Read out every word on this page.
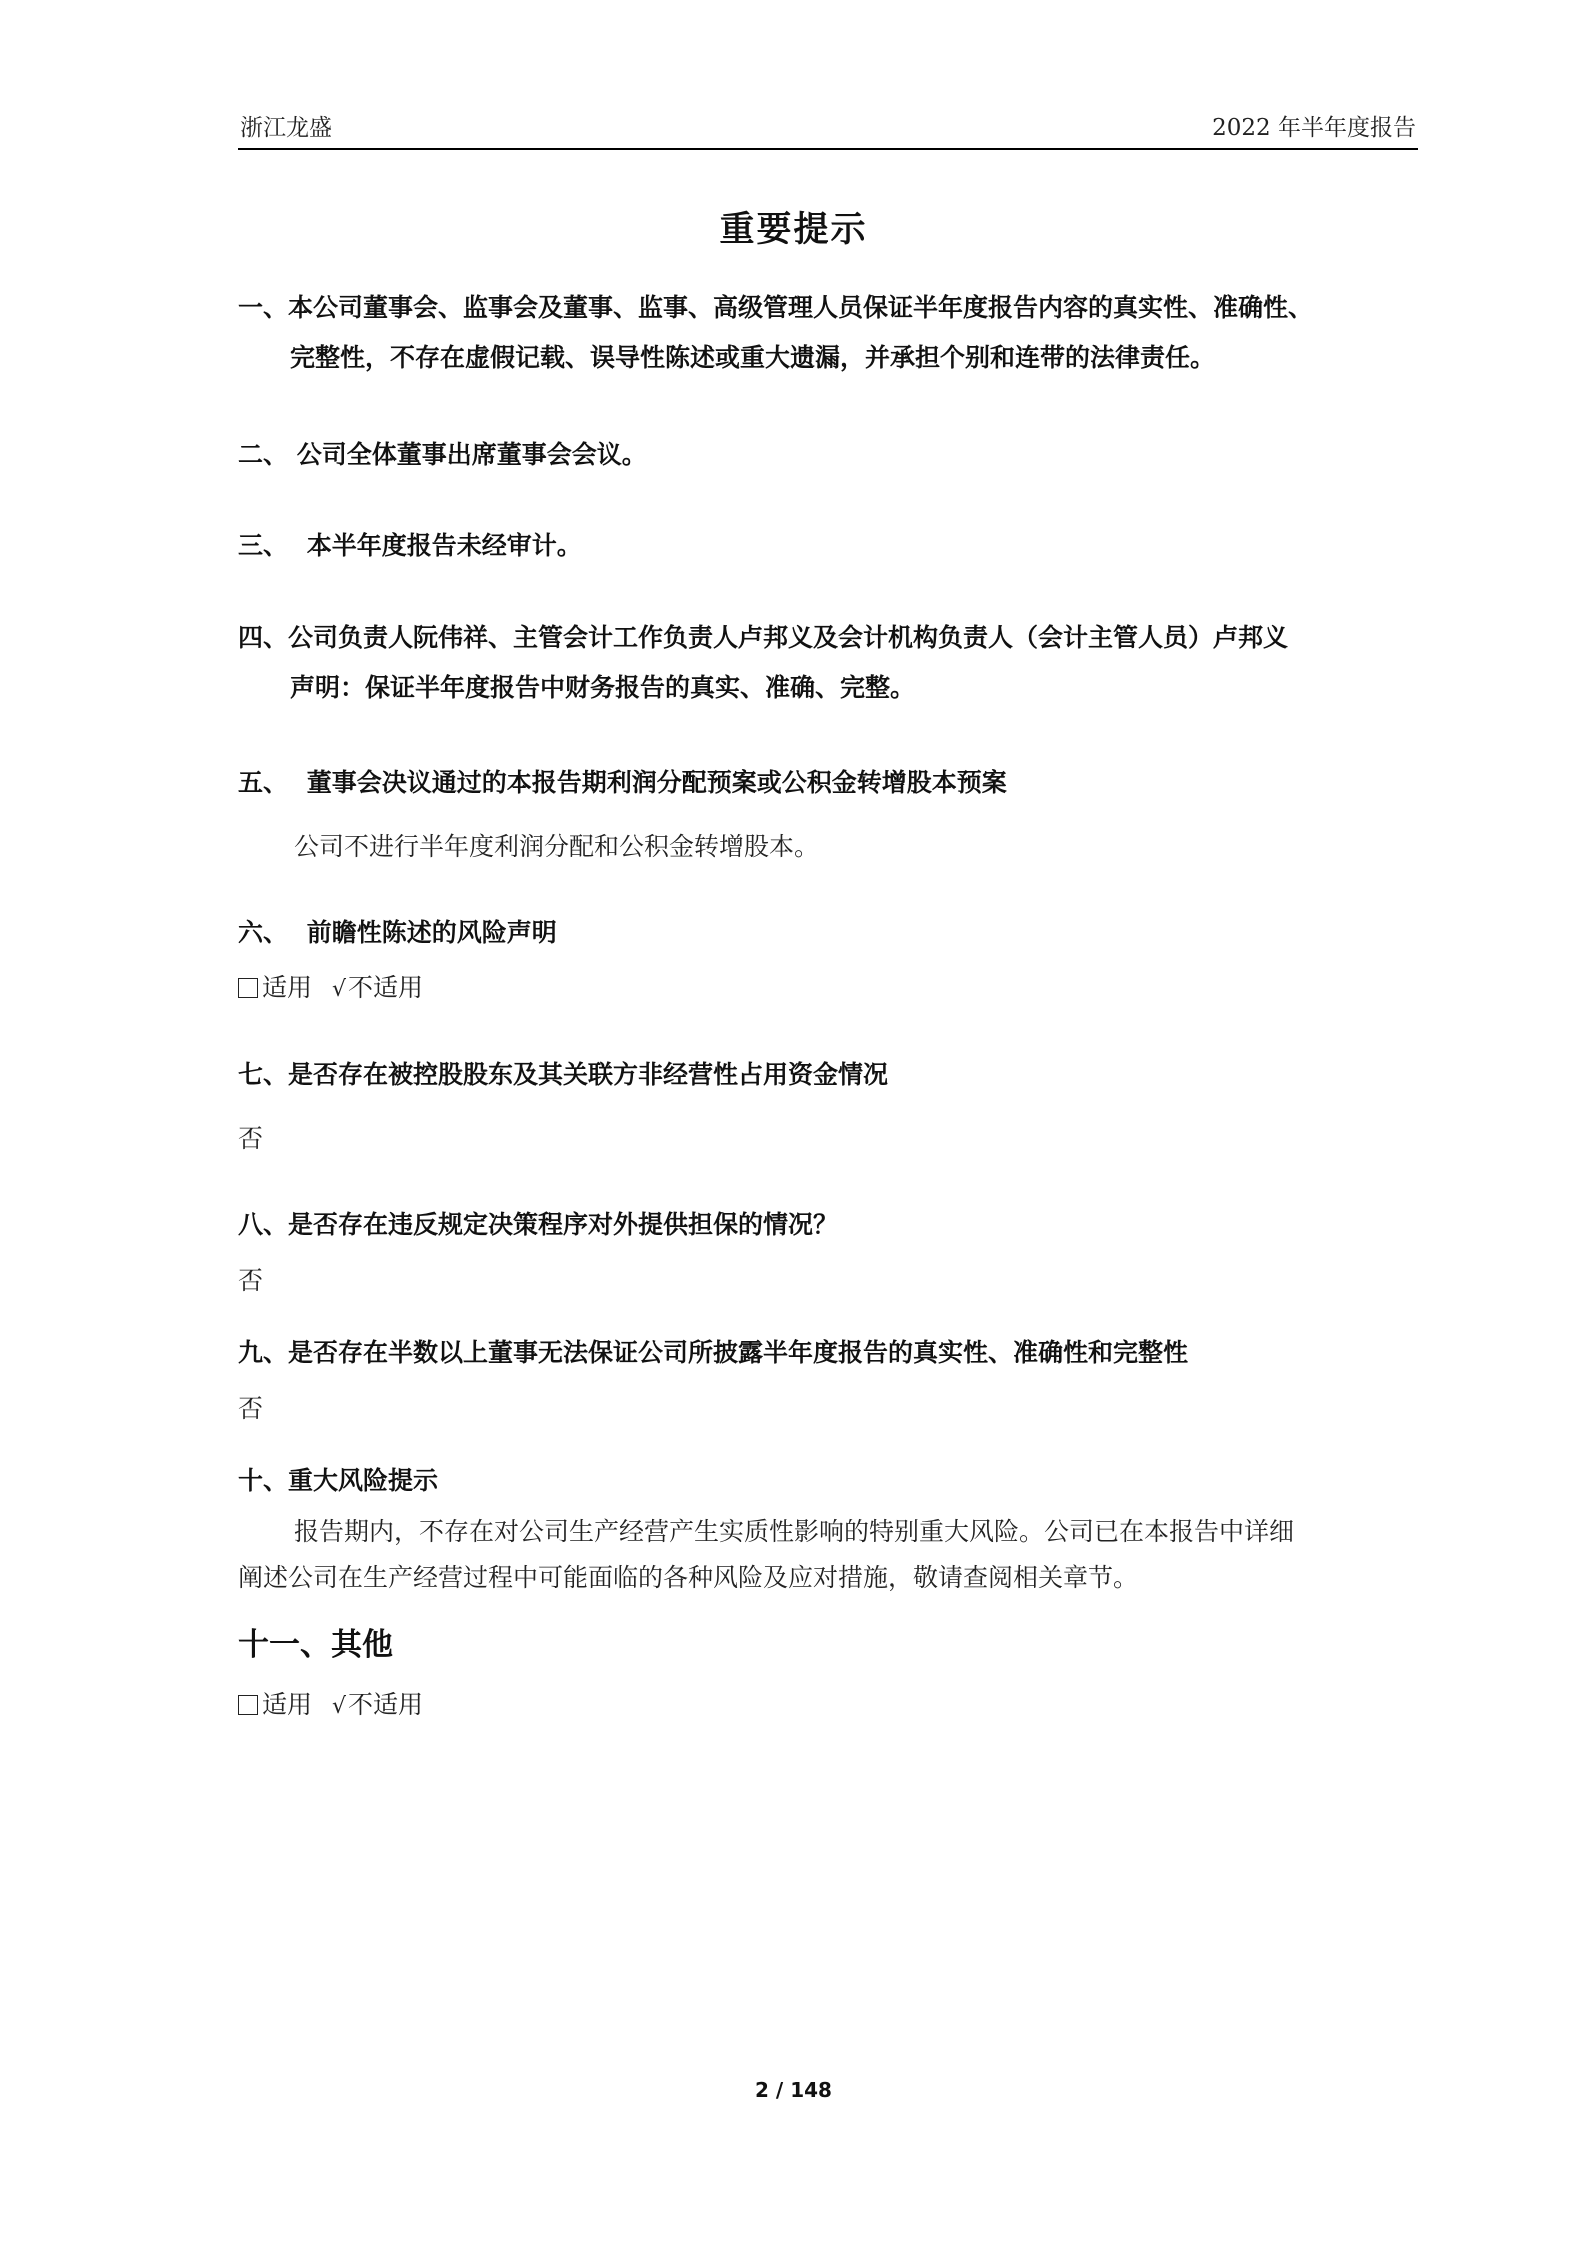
浙江龙盛	2022 年半年度报告
重要提示
一、本公司董事会、监事会及董事、监事、高级管理人员保证半年度报告内容的真实性、准确性、
完整性，不存在虚假记载、误导性陈述或重大遗漏，并承担个别和连带的法律责任。
二、 公司全体董事出席董事会会议。
三、 本半年度报告未经审计。
四、公司负责人阮伟祥、主管会计工作负责人卢邦义及会计机构负责人（会计主管人员）卢邦义
声明：保证半年度报告中财务报告的真实、准确、完整。
五、 董事会决议通过的本报告期利润分配预案或公积金转增股本预案
公司不进行半年度利润分配和公积金转增股本。
六、 前瞻性陈述的风险声明
适用 √不适用
七、是否存在被控股股东及其关联方非经营性占用资金情况
否
八、是否存在违反规定决策程序对外提供担保的情况？
否
九、是否存在半数以上董事无法保证公司所披露半年度报告的真实性、准确性和完整性
否
十、重大风险提示
报告期内，不存在对公司生产经营产生实质性影响的特别重大风险。公司已在本报告中详细
阐述公司在生产经营过程中可能面临的各种风险及应对措施，敬请查阅相关章节。
十一、其他
适用 √不适用
2 / 148
